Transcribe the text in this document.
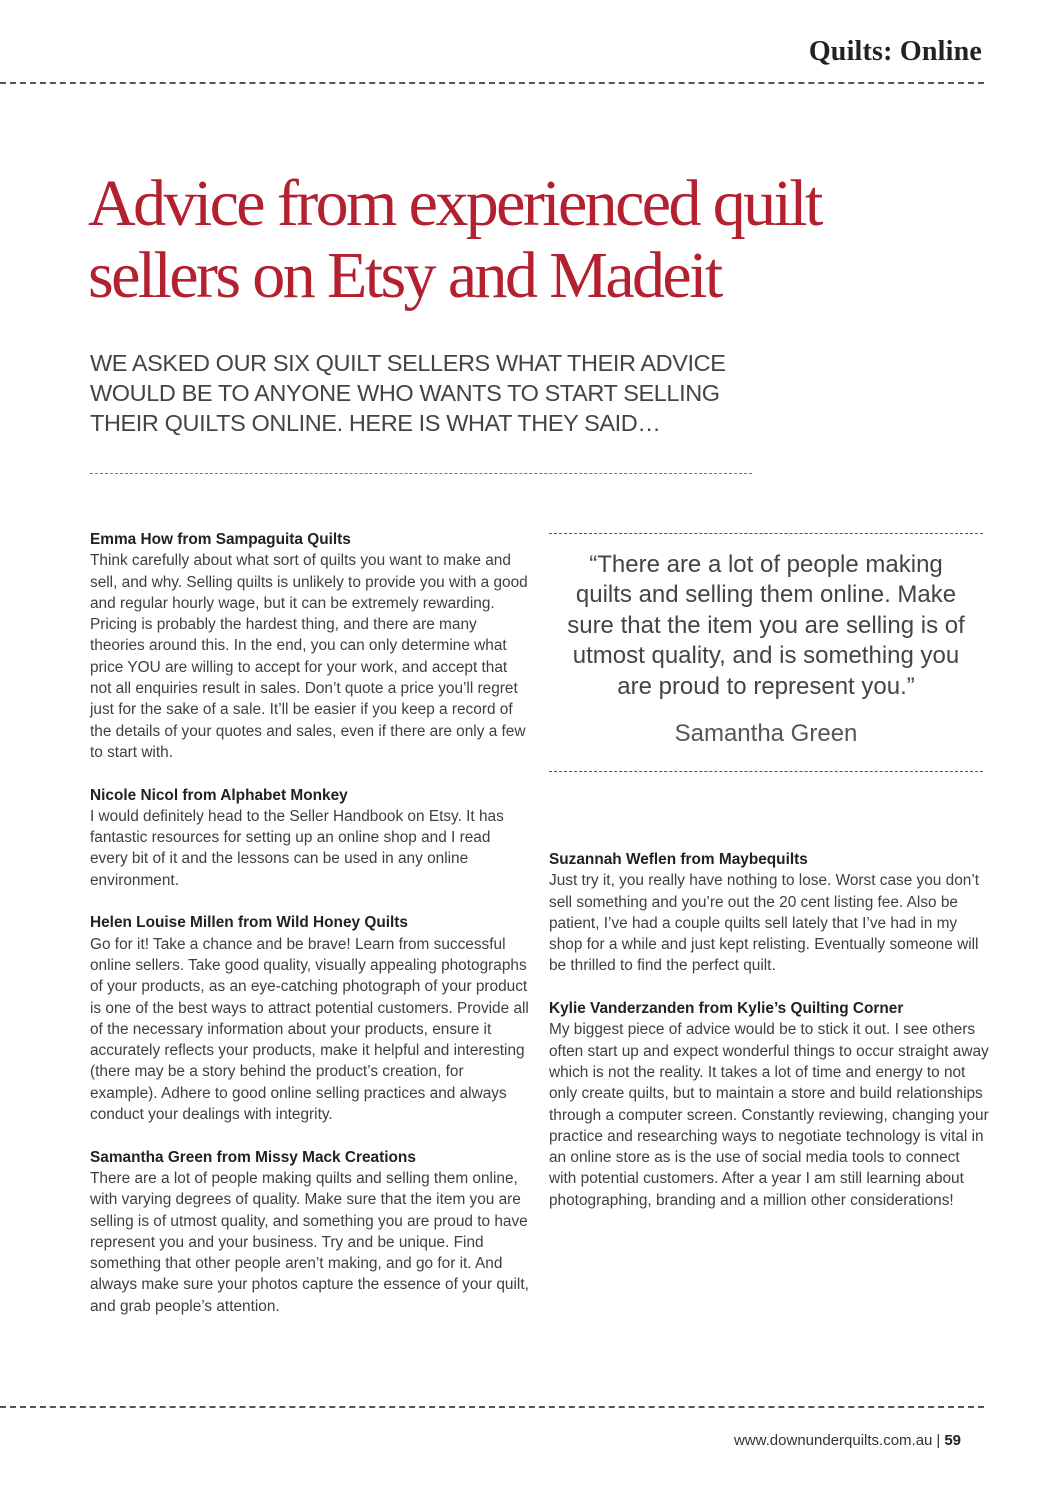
Quilts: Online
Advice from experienced quilt sellers on Etsy and Madeit
WE ASKED OUR SIX QUILT SELLERS WHAT THEIR ADVICE WOULD BE TO ANYONE WHO WANTS TO START SELLING THEIR QUILTS ONLINE. HERE IS WHAT THEY SAID…
Emma How from Sampaguita Quilts
Think carefully about what sort of quilts you want to make and sell, and why. Selling quilts is unlikely to provide you with a good and regular hourly wage, but it can be extremely rewarding. Pricing is probably the hardest thing, and there are many theories around this. In the end, you can only determine what price YOU are willing to accept for your work, and accept that not all enquiries result in sales. Don’t quote a price you’ll regret just for the sake of a sale. It’ll be easier if you keep a record of the details of your quotes and sales, even if there are only a few to start with.
Nicole Nicol from Alphabet Monkey
I would definitely head to the Seller Handbook on Etsy. It has fantastic resources for setting up an online shop and I read every bit of it and the lessons can be used in any online environment.
Helen Louise Millen from Wild Honey Quilts
Go for it! Take a chance and be brave! Learn from successful online sellers. Take good quality, visually appealing photographs of your products, as an eye-catching photograph of your product is one of the best ways to attract potential customers. Provide all of the necessary information about your products, ensure it accurately reflects your products, make it helpful and interesting (there may be a story behind the product’s creation, for example). Adhere to good online selling practices and always conduct your dealings with integrity.
Samantha Green from Missy Mack Creations
There are a lot of people making quilts and selling them online, with varying degrees of quality. Make sure that the item you are selling is of utmost quality, and something you are proud to have represent you and your business. Try and be unique. Find something that other people aren’t making, and go for it. And always make sure your photos capture the essence of your quilt, and grab people’s attention.
“There are a lot of people making quilts and selling them online. Make sure that the item you are selling is of utmost quality, and is something you are proud to represent you.”
Samantha Green
Suzannah Weflen from Maybequilts
Just try it, you really have nothing to lose. Worst case you don’t sell something and you’re out the 20 cent listing fee. Also be patient, I’ve had a couple quilts sell lately that I’ve had in my shop for a while and just kept relisting. Eventually someone will be thrilled to find the perfect quilt.
Kylie Vanderzanden from Kylie’s Quilting Corner
My biggest piece of advice would be to stick it out. I see others often start up and expect wonderful things to occur straight away which is not the reality. It takes a lot of time and energy to not only create quilts, but to maintain a store and build relationships through a computer screen. Constantly reviewing, changing your practice and researching ways to negotiate technology is vital in an online store as is the use of social media tools to connect with potential customers. After a year I am still learning about photographing, branding and a million other considerations!
www.downunderquilts.com.au | 59
